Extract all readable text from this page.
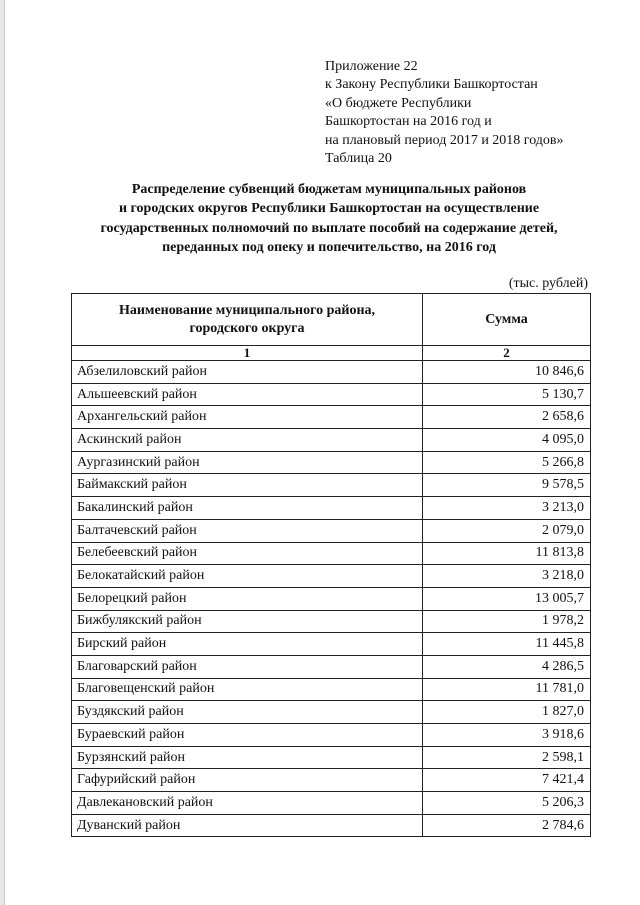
Приложение 22
к Закону Республики Башкортостан
«О бюджете Республики
Башкортостан на 2016 год и
на плановый период 2017 и 2018 годов»
Таблица 20
Распределение субвенций бюджетам муниципальных районов
и городских округов Республики Башкортостан на осуществление
государственных полномочий по выплате пособий на содержание детей,
переданных под опеку и попечительство, на 2016 год
(тыс. рублей)
Наименование муниципального района,
городского округа	Сумма
1	2
Абзелиловский район	10 846,6
Альшеевский район	5 130,7
Архангельский район	2 658,6
Аскинский район	4 095,0
Аургазинский район	5 266,8
Баймакский район	9 578,5
Бакалинский район	3 213,0
Балтачевский район	2 079,0
Белебеевский район	11 813,8
Белокатайский район	3 218,0
Белорецкий район	13 005,7
Бижбулякский район	1 978,2
Бирский район	11 445,8
Благоварский район	4 286,5
Благовещенский район	11 781,0
Буздякский район	1 827,0
Бураевский район	3 918,6
Бурзянский район	2 598,1
Гафурийский район	7 421,4
Давлекановский район	5 206,3
Дуванский район	2 784,6
